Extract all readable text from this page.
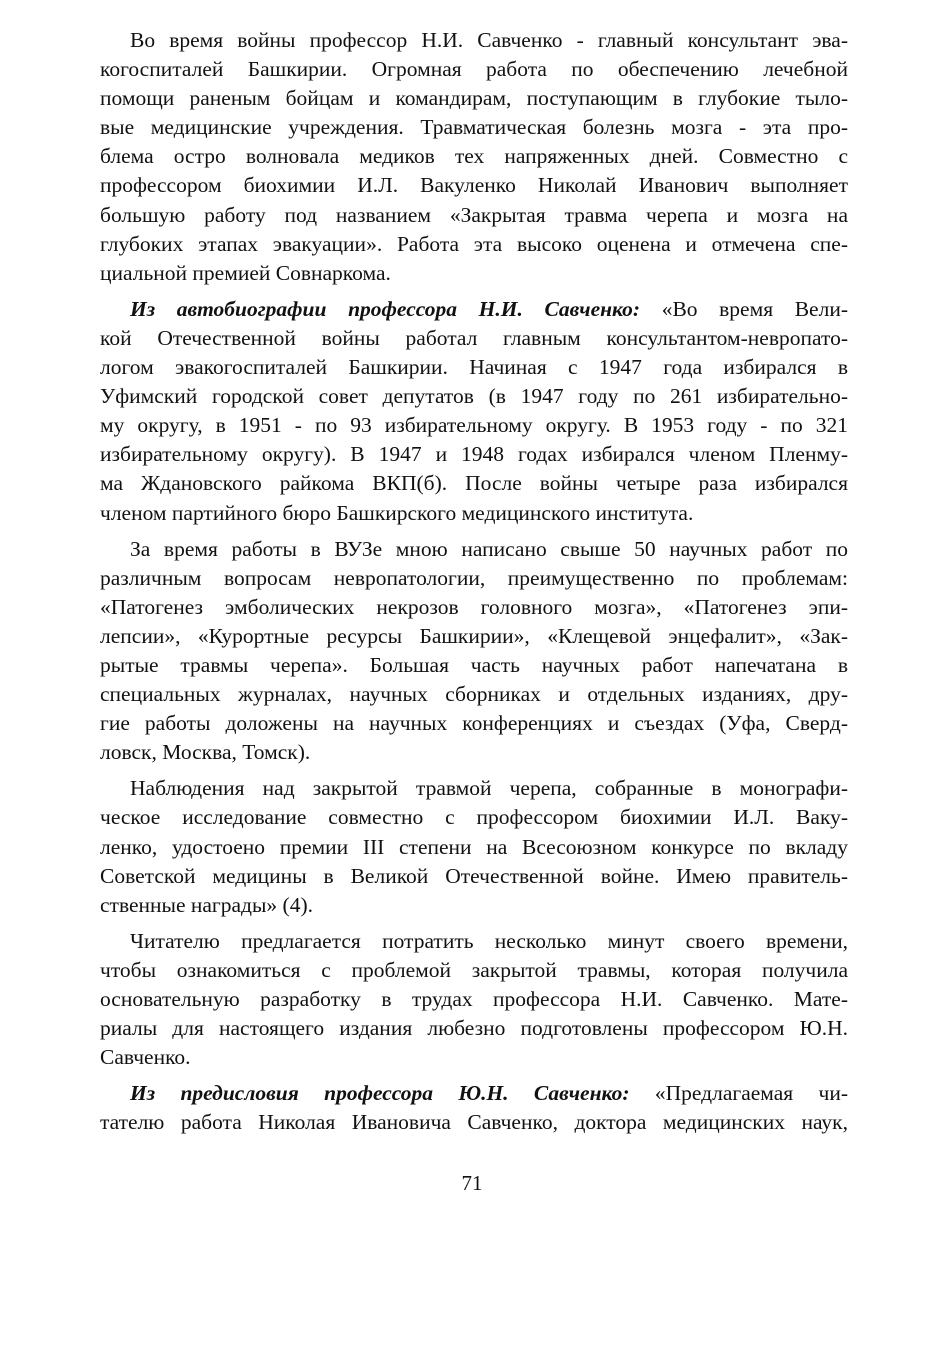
Во время войны профессор Н.И. Савченко - главный консультант эва-
когоспиталей Башкирии. Огромная работа по обеспечению лечебной
помощи раненым бойцам и командирам, поступающим в глубокие тыло-
вые медицинские учреждения. Травматическая болезнь мозга - эта про-
блема остро волновала медиков тех напряженных дней. Совместно с
профессором биохимии И.Л. Вакуленко Николай Иванович выполняет
большую работу под названием «Закрытая травма черепа и мозга на
глубоких этапах эвакуации». Работа эта высоко оценена и отмечена спе-
циальной премией Совнаркома.
Из автобиографии профессора Н.И. Савченко: «Во время Вели-
кой Отечественной войны работал главным консультантом-невропато-
логом эвакогоспиталей Башкирии. Начиная с 1947 года избирался в
Уфимский городской совет депутатов (в 1947 году по 261 избирательно-
му округу, в 1951 - по 93 избирательному округу. В 1953 году - по 321
избирательному округу). В 1947 и 1948 годах избирался членом Пленму-
ма Ждановского райкома ВКП(б). После войны четыре раза избирался
членом партийного бюро Башкирского медицинского института.
За время работы в ВУЗе мною написано свыше 50 научных работ по
различным вопросам невропатологии, преимущественно по проблемам:
«Патогенез эмболических некрозов головного мозга», «Патогенез эпи-
лепсии», «Курортные ресурсы Башкирии», «Клещевой энцефалит», «Зак-
рытые травмы черепа». Большая часть научных работ напечатана в
специальных журналах, научных сборниках и отдельных изданиях, дру-
гие работы доложены на научных конференциях и съездах (Уфа, Сверд-
ловск, Москва, Томск).
Наблюдения над закрытой травмой черепа, собранные в монографи-
ческое исследование совместно с профессором биохимии И.Л. Ваку-
ленко, удостоено премии III степени на Всесоюзном конкурсе по вкладу
Советской медицины в Великой Отечественной войне. Имею правитель-
ственные награды» (4).
Читателю предлагается потратить несколько минут своего времени,
чтобы ознакомиться с проблемой закрытой травмы, которая получила
основательную разработку в трудах профессора Н.И. Савченко. Мате-
риалы для настоящего издания любезно подготовлены профессором Ю.Н.
Савченко.
Из предисловия профессора Ю.Н. Савченко: «Предлагаемая чи-
тателю работа Николая Ивановича Савченко, доктора медицинских наук,
71
